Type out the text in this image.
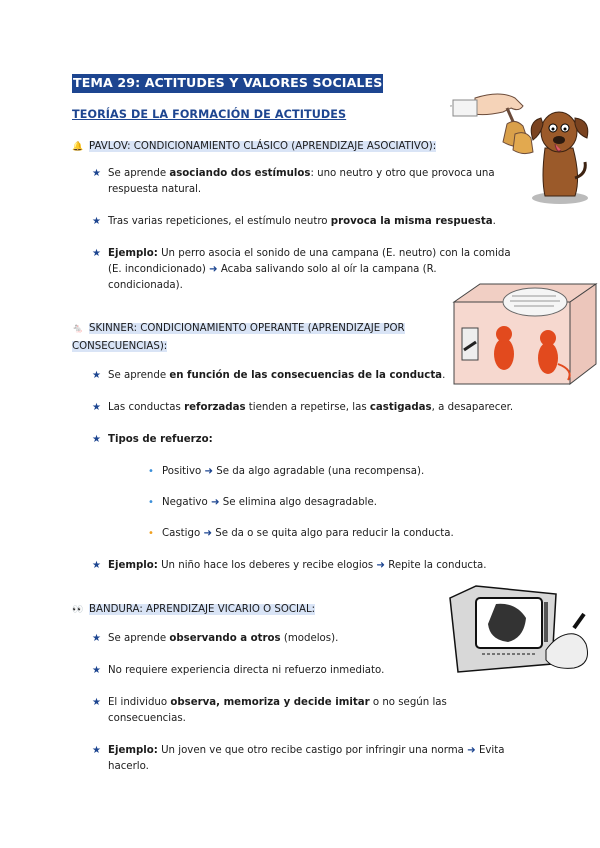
TEMA 29: ACTITUDES Y VALORES SOCIALES
TEORÍAS DE LA FORMACIÓN DE ACTITUDES
🔔 PAVLOV: CONDICIONAMIENTO CLÁSICO (APRENDIZAJE ASOCIATIVO):
★ Se aprende asociando dos estímulos: uno neutro y otro que provoca una respuesta natural.
★ Tras varias repeticiones, el estímulo neutro provoca la misma respuesta.
★ Ejemplo: Un perro asocia el sonido de una campana (E. neutro) con la comida (E. incondicionado) ➜ Acaba salivando solo al oír la campana (R. condicionada).
🐁 SKINNER: CONDICIONAMIENTO OPERANTE (APRENDIZAJE POR
CONSECUENCIAS):
★ Se aprende en función de las consecuencias de la conducta.
★ Las conductas reforzadas tienden a repetirse, las castigadas, a desaparecer.
★ Tipos de refuerzo:
• Positivo ➜ Se da algo agradable (una recompensa).
• Negativo ➜ Se elimina algo desagradable.
• Castigo ➜ Se da o se quita algo para reducir la conducta.
★ Ejemplo: Un niño hace los deberes y recibe elogios ➜ Repite la conducta.
👀 BANDURA: APRENDIZAJE VICARIO O SOCIAL:
★ Se aprende observando a otros (modelos).
★ No requiere experiencia directa ni refuerzo inmediato.
★ El individuo observa, memoriza y decide imitar o no según las consecuencias.
★ Ejemplo: Un joven ve que otro recibe castigo por infringir una norma ➜ Evita hacerlo.
